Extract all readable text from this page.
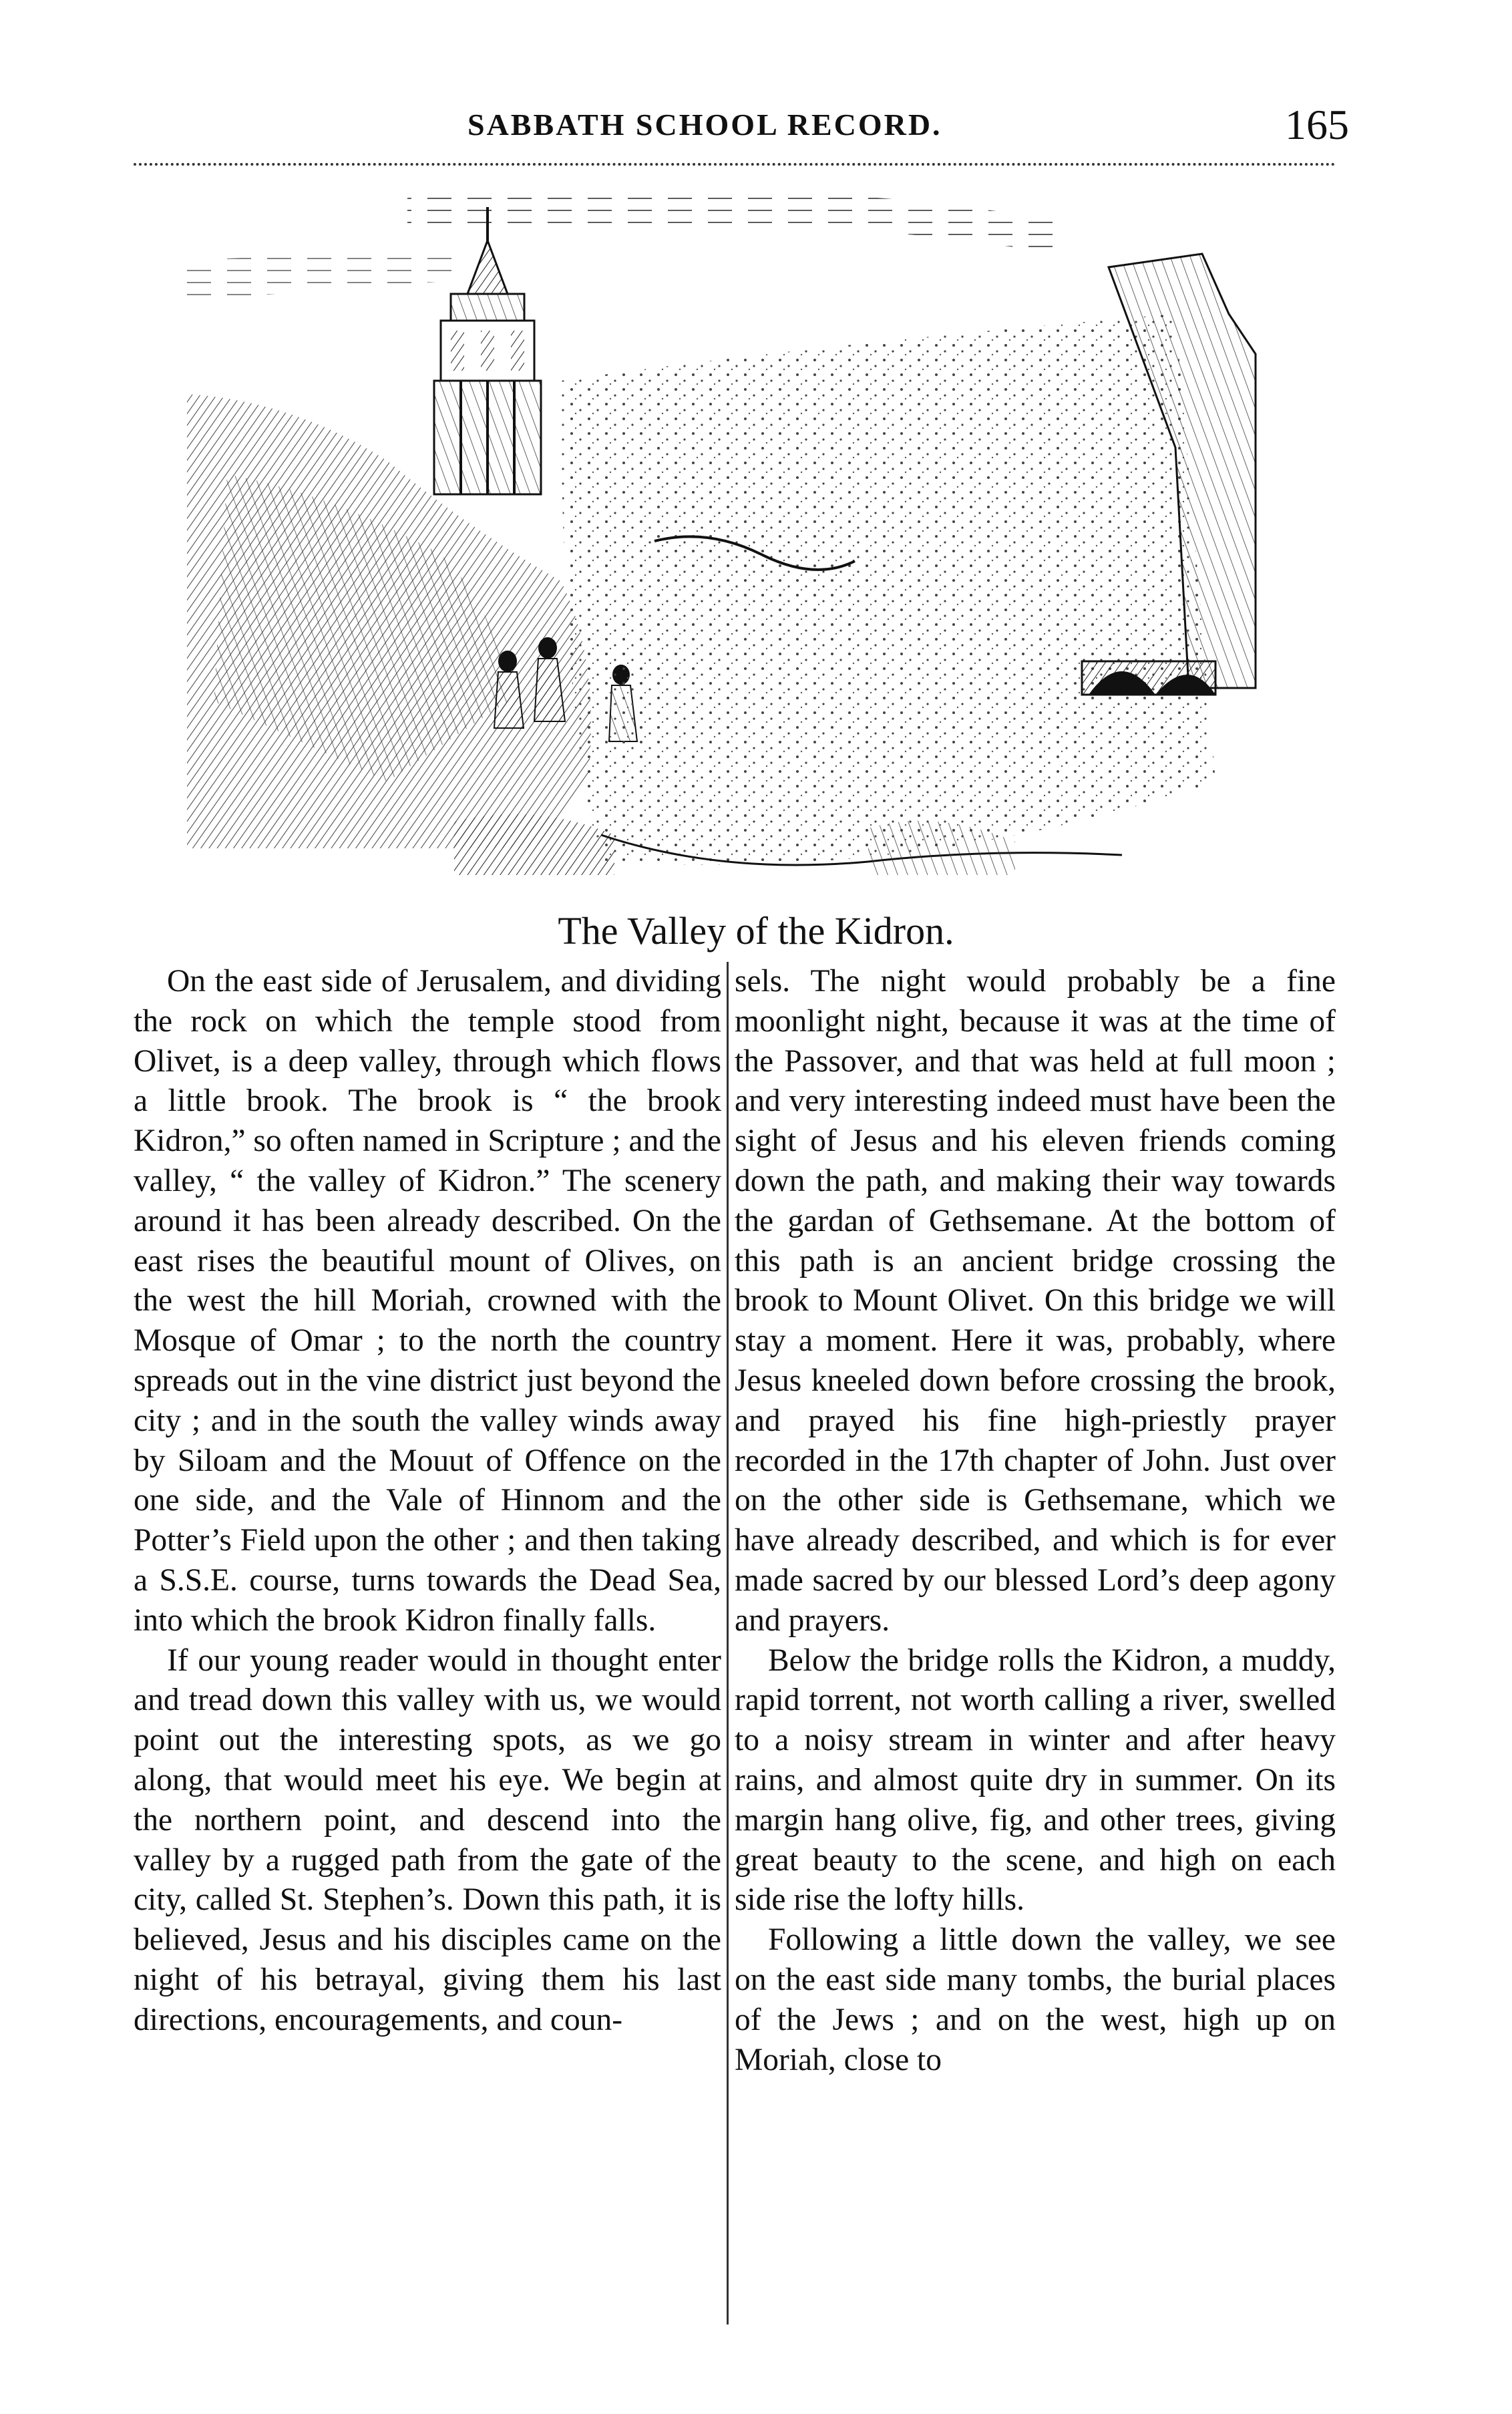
SABBATH SCHOOL RECORD.	165
The Valley of the Kidron.

On the east side of Jerusalem, and dividing the rock on which the temple stood from Olivet, is a deep valley, through which flows a little brook. The brook is “ the brook Kidron,” so often named in Scripture ; and the valley, “ the valley of Kidron.” The scenery around it has been already described. On the east rises the beautiful mount of Olives, on the west the hill Moriah, crowned with the Mosque of Omar ; to the north the country spreads out in the vine district just beyond the city ; and in the south the valley winds away by Siloam and the Mouut of Offence on the one side, and the Vale of Hinnom and the Potter’s Field upon the other ; and then taking a S.S.E. course, turns towards the Dead Sea, into which the brook Kidron finally falls.

If our young reader would in thought enter and tread down this valley with us, we would point out the interesting spots, as we go along, that would meet his eye. We begin at the northern point, and descend into the valley by a rugged path from the gate of the city, called St. Stephen’s. Down this path, it is believed, Jesus and his disciples came on the night of his betrayal, giving them his last directions, encouragements, and coun-

sels. The night would probably be a fine moonlight night, because it was at the time of the Passover, and that was held at full moon ; and very interesting indeed must have been the sight of Jesus and his eleven friends coming down the path, and making their way towards the gardan of Gethsemane. At the bottom of this path is an ancient bridge crossing the brook to Mount Olivet. On this bridge we will stay a moment. Here it was, probably, where Jesus kneeled down before crossing the brook, and prayed his fine high-priestly prayer recorded in the 17th chapter of John. Just over on the other side is Gethsemane, which we have already described, and which is for ever made sacred by our blessed Lord’s deep agony and prayers.

Below the bridge rolls the Kidron, a muddy, rapid torrent, not worth calling a river, swelled to a noisy stream in winter and after heavy rains, and almost quite dry in summer. On its margin hang olive, fig, and other trees, giving great beauty to the scene, and high on each side rise the lofty hills.

Following a little down the valley, we see on the east side many tombs, the burial places of the Jews ; and on the west, high up on Moriah, close to
